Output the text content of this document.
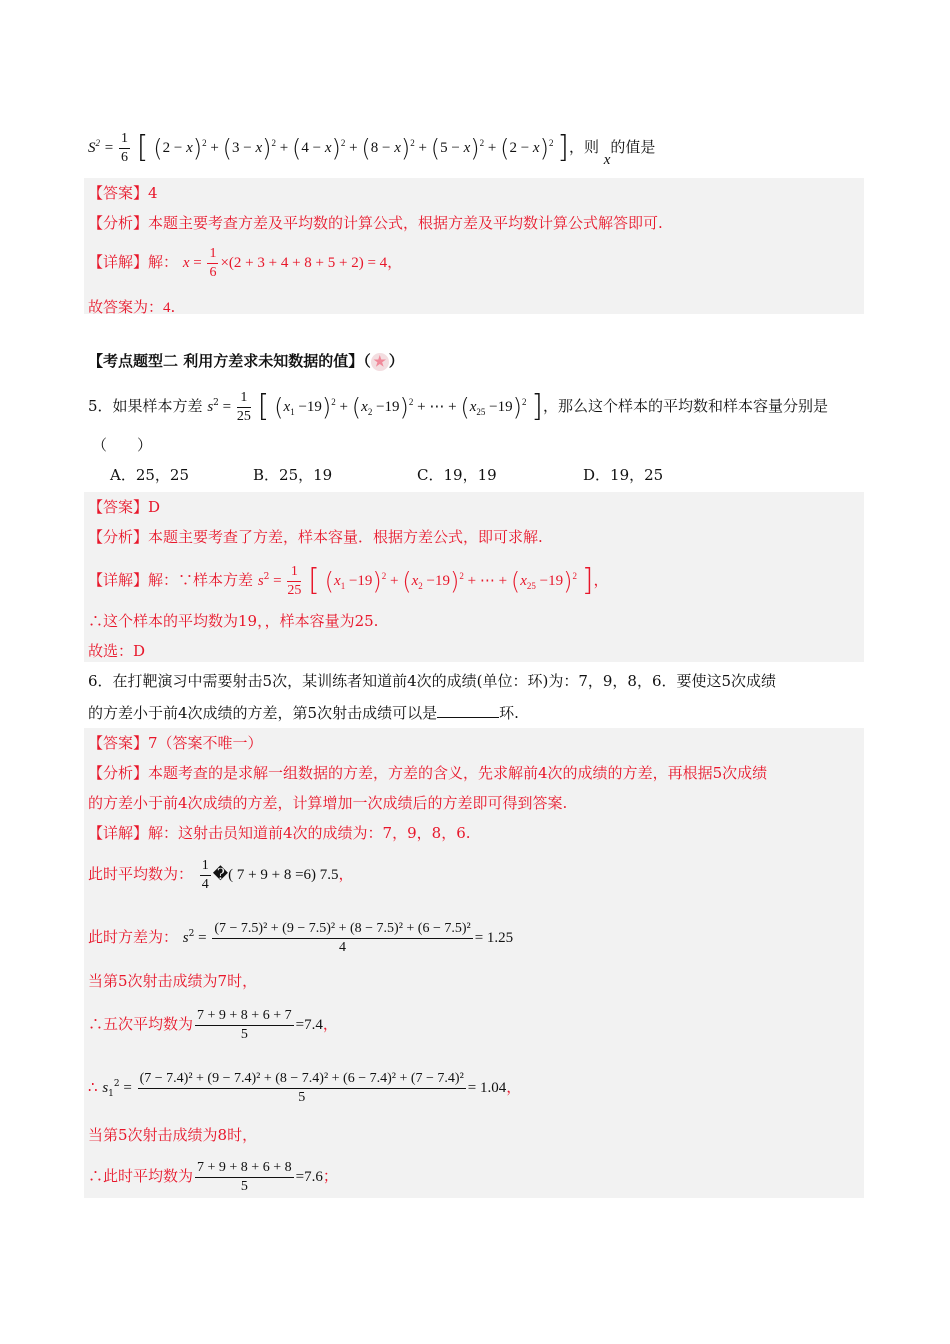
$S^2 = \frac{1}{6}$ [ $(2 - x)^2 + (3 - x)^2 + (4 - x)^2 + (8 - x)^2 + (5 - x)^2 + (2 - x)^2$ ]，则 x的值是
【答案】4
【分析】本题主要考查方差及平均数的计算公式，根据方差及平均数计算公式解答即可.
【详解】解： $x = \frac{1}{6} \times(2 + 3 + 4 + 8 + 5 + 2) = 4$，
故答案为：4.
【考点题型二 利用方差求未知数据的值】（ ★ ）
5．如果样本方差 $s^2 = \frac{1}{25}$ [ $(x_1 -19)^2 + (x_2 -19)^2$ + ⋯ + $(x_{25} -19)^2$ ]，那么这个样本的平均数和样本容量分别是
（　　）
A．25，25	B．25，19	C．19，19	D．19，25
【答案】D
【分析】本题主要考查了方差，样本容量．根据方差公式，即可求解.
【详解】解：∵样本方差 $s^2 = \frac{1}{25}$ [ $(x_1 -19)^2 + (x_2 -19)^2$ + ⋯ + $(x_{25} -19)^2$ ]，
∴这个样本的平均数为19，，样本容量为25.
故选：D
6．在打靶演习中需要射击5次，某训练者知道前4次的成绩(单位：环)为：7，9，8，6．要使这5次成绩
的方差小于前4次成绩的方差，第5次射击成绩可以是	环.
【答案】7（答案不唯一）
【分析】本题考查的是求解一组数据的方差，方差的含义，先求解前4次的成绩的方差，再根据5次成绩
的方差小于前4次成绩的方差，计算增加一次成绩后的方差即可得到答案.
【详解】解：这射击员知道前4次的成绩为：7，9，8，6.
此时平均数为： $\frac{1}{4}$ �( 7 + 9 + 8 =6) 7.5，
此时方差为： $s^2 = \frac{\text{(7 − 7.5)² + (9 − 7.5)² + (8 − 7.5)² + (6 − 7.5)²}}{4} = 1.25$
当第5次射击成绩为7时，
∴五次平均数为 $\frac{7 + 9 + 8 + 6 + 7}{5} =7.4$，
∴ $s_1^2$ =
(7 − 7.4)² + (9 − 7.4)² + (8 − 7.4)² + (6 − 7.4)² + (7 − 7.4)²
5
= 1.04，
当第5次射击成绩为8时，
∴此时平均数为 $\frac{7 + 9 + 8 + 6 + 8}{5} =7.6$；
